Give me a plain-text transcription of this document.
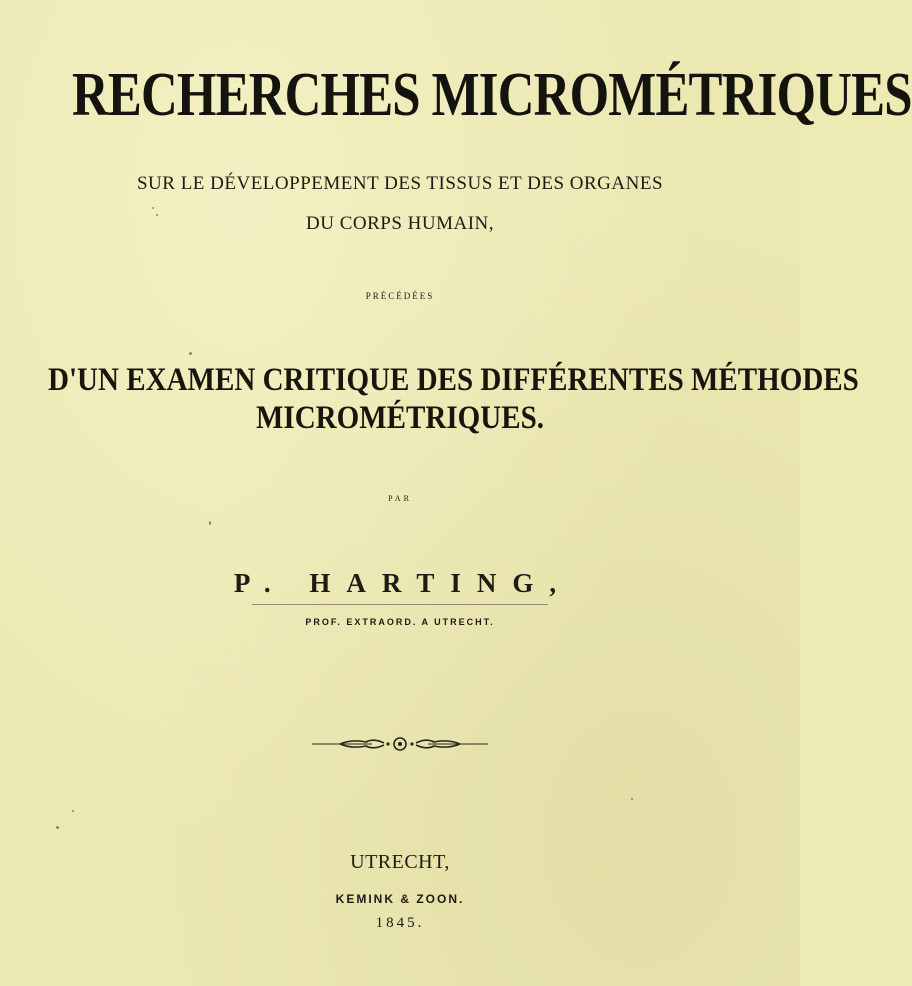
RECHERCHES MICROMÉTRIQUES
SUR LE DÉVELOPPEMENT DES TISSUS ET DES ORGANES
DU CORPS HUMAIN,
PRÉCÉDÉES
D'UN EXAMEN CRITIQUE DES DIFFÉRENTES MÉTHODES
MICROMÉTRIQUES.
PAR
P. HARTING,
PROF. EXTRAORD. A UTRECHT.
UTRECHT,
KEMINK & ZOON.
1845.
